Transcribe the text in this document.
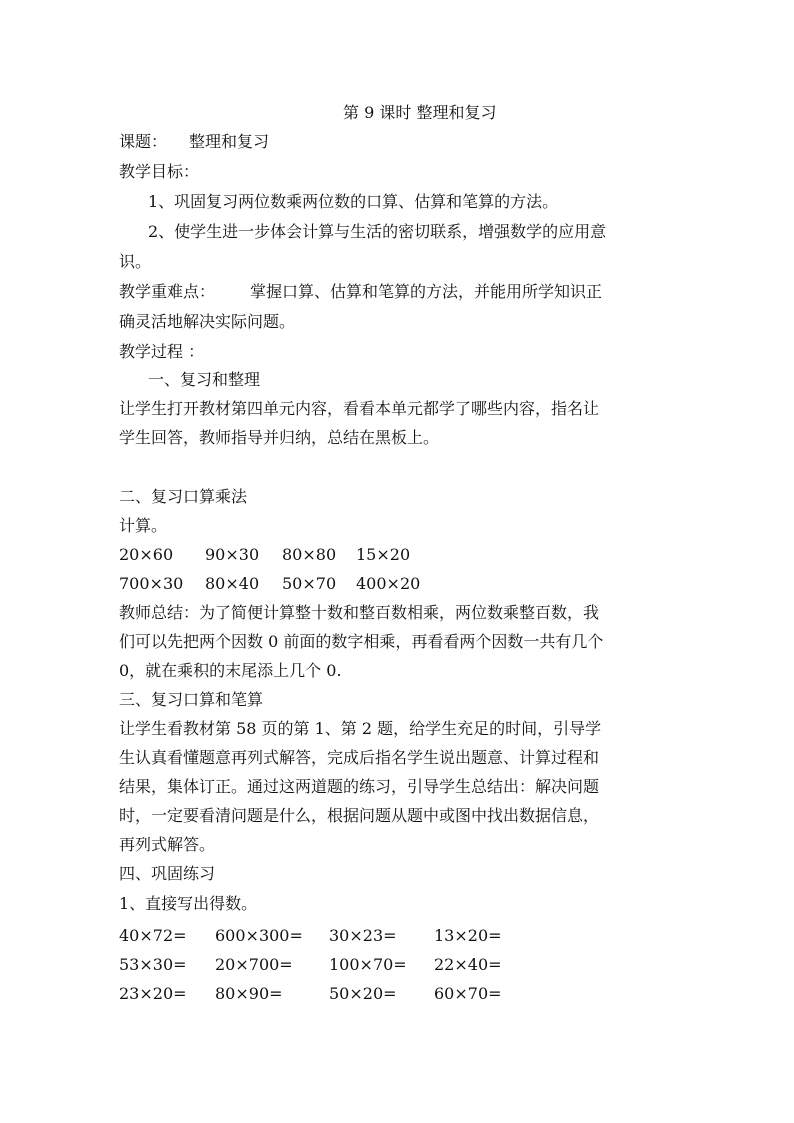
第 9 课时 整理和复习
课题： 整理和复习
教学目标：
1、巩固复习两位数乘两位数的口算、估算和笔算的方法。
2、使学生进一步体会计算与生活的密切联系，增强数学的应用意
识。
教学重难点： 掌握口算、估算和笔算的方法，并能用所学知识正
确灵活地解决实际问题。
教学过程 ：
一、复习和整理
让学生打开教材第四单元内容，看看本单元都学了哪些内容，指名让
学生回答，教师指导并归纳，总结在黑板上。
二、复习口算乘法
计算。
20×60 90×30 80×80 15×20
700×30 80×40 50×70 400×20
教师总结：为了简便计算整十数和整百数相乘，两位数乘整百数，我
们可以先把两个因数 0 前面的数字相乘，再看看两个因数一共有几个
0，就在乘积的末尾添上几个 0.
三、复习口算和笔算
让学生看教材第 58 页的第 1、第 2 题，给学生充足的时间，引导学
生认真看懂题意再列式解答，完成后指名学生说出题意、计算过程和
结果，集体订正。通过这两道题的练习，引导学生总结出：解决问题
时，一定要看清问题是什么，根据问题从题中或图中找出数据信息，
再列式解答。
四、巩固练习
1、直接写出得数。
40×72= 600×300= 30×23= 13×20=
53×30= 20×700= 100×70= 22×40=
23×20= 80×90=	50×20= 60×70=
